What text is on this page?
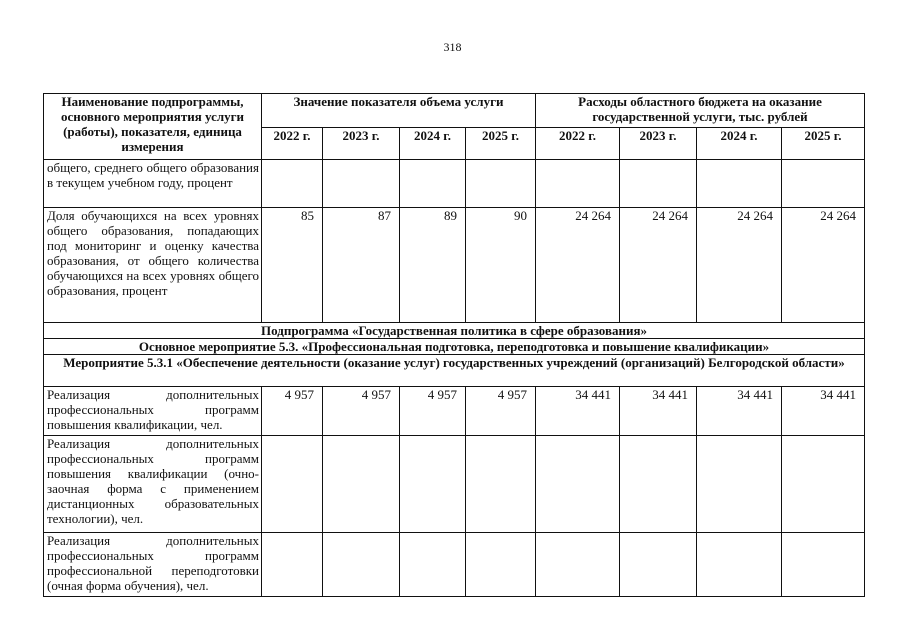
318
Наименование подпрограммы, основного мероприятия услуги (работы), показателя, единица измерения	Значение показателя объема услуги				Расходы областного бюджета на оказание государственной услуги, тыс. рублей			
	2022 г.	2023 г.	2024 г.	2025 г.	2022 г.	2023 г.	2024 г.	2025 г.
общего, среднего общего образования в текущем учебном году, процент								
Доля обучающихся на всех уровнях общего образования, попадающих под мониторинг и оценку качества образования, от общего количества обучающихся на всех уровнях общего образования, процент	85	87	89	90	24 264	24 264	24 264	24 264
Подпрограмма «Государственная политика в сфере образования»								
Основное мероприятие 5.3. «Профессиональная подготовка, переподготовка и повышение квалификации»								
Мероприятие 5.3.1 «Обеспечение деятельности (оказание услуг) государственных учреждений (организаций) Белгородской области»								
Реализация дополнительных профессиональных программ повышения квалификации, чел.	4 957	4 957	4 957	4 957	34 441	34 441	34 441	34 441
Реализация дополнительных профессиональных программ повышения квалификации (очно-заочная форма с применением дистанционных образовательных технологии), чел.								
Реализация дополнительных профессиональных программ профессиональной переподготовки (очная форма обучения), чел.								
